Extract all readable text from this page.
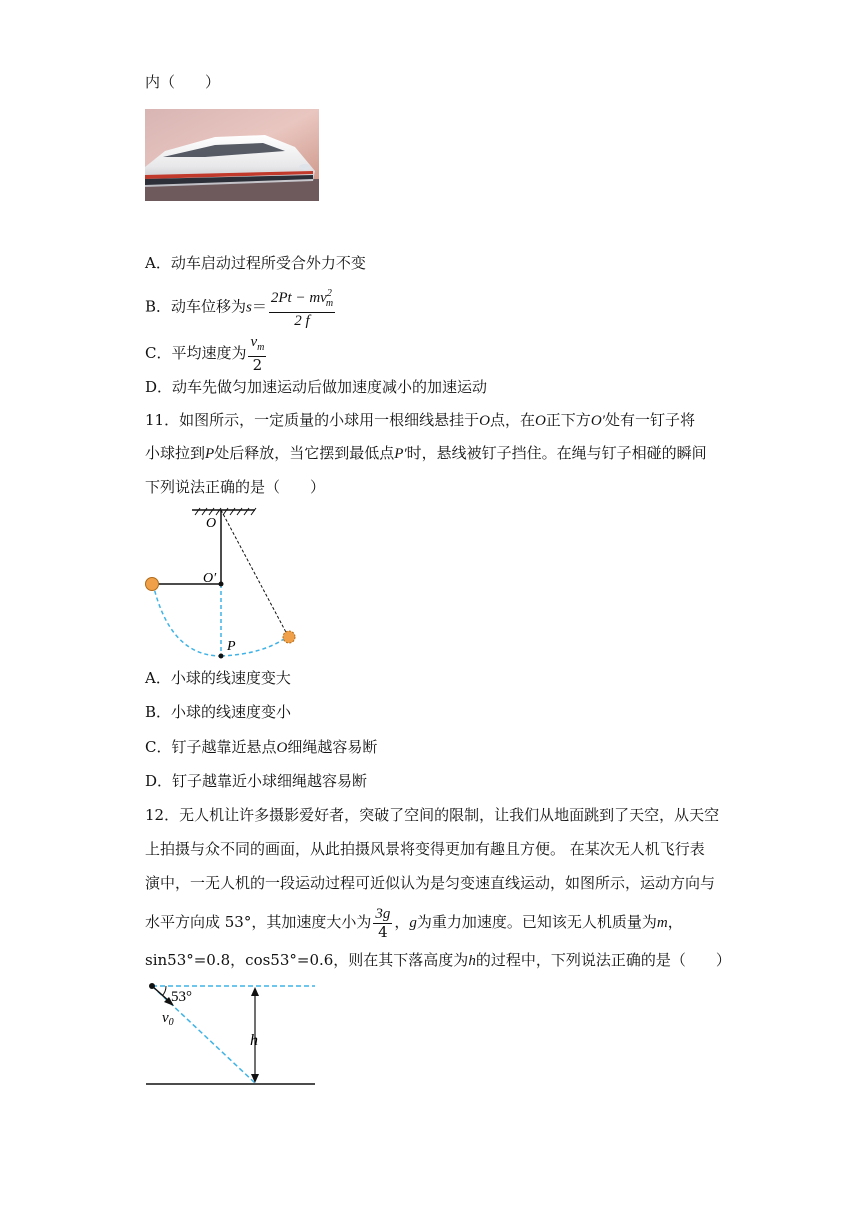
内（　　）
A．动车启动过程所受合外力不变
B．动车位移为$s= \frac{2Pt - mv^2_m}{2 f}$
C．平均速度为 $\frac{v_m}{2}$
D．动车先做匀加速运动后做加速度减小的加速运动
11．如图所示，一定质量的小球用一根细线悬挂于O点，在O正下方O′处有一钉子将
小球拉到P处后释放，当它摆到最低点P′时，悬线被钉子挡住。在绳与钉子相碰的瞬间
下列说法正确的是（　　）
O
O′
P
A．小球的线速度变大
B．小球的线速度变小
C．钉子越靠近悬点O细绳越容易断
D．钉子越靠近小球细绳越容易断
12．无人机让许多摄影爱好者，突破了空间的限制，让我们从地面跳到了天空，从天空
上拍摄与众不同的画面，从此拍摄风景将变得更加有趣且方便。 在某次无人机飞行表
演中，一无人机的一段运动过程可近似认为是匀变速直线运动，如图所示，运动方向与
水平方向成 53°，其加速度大小为 $\frac{3g}{4}$ ，g为重力加速度。已知该无人机质量为m，
sin53°=0.8，cos53°=0.6，则在其下落高度为h的过程中，下列说法正确的是（　　）
53°
$v_0$
h
